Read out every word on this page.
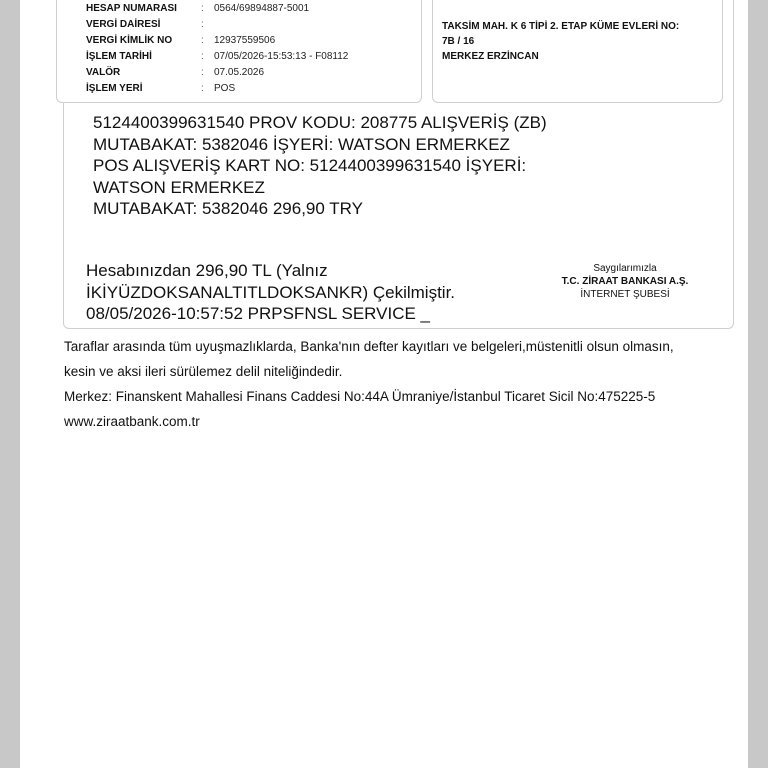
HESAP NUMARASI : 0564/69894887-5001
VERGİ DAİRESİ	:
VERGİ KİMLİK NO	: 12937559506
İŞLEM TARİHİ	: 07/05/2026-15:53:13 - F08112
VALÖR	: 07.05.2026
İŞLEM YERİ	: POS
TAKSİM MAH. K 6 TİPİ 2. ETAP KÜME EVLERİ NO:
7B / 16
MERKEZ ERZİNCAN
5124400399631540 PROV KODU: 208775 ALIŞVERİŞ (ZB)
MUTABAKAT: 5382046 İŞYERİ: WATSON ERMERKEZ
POS ALIŞVERİŞ KART NO: 5124400399631540 İŞYERİ:
WATSON ERMERKEZ
MUTABAKAT: 5382046 296,90 TRY
Hesabınızdan 296,90 TL (Yalnız
İKİYÜZDOKSANALTITLDOKSANKR) Çekilmiştir.
08/05/2026-10:57:52 PRPSFNSL SERVICE _
Saygılarımızla
T.C. ZİRAAT BANKASI A.Ş.
İNTERNET ŞUBESİ
Taraflar arasında tüm uyuşmazlıklarda, Banka'nın defter kayıtları ve belgeleri,müstenitli olsun olmasın,
kesin ve aksi ileri sürülemez delil niteliğindedir.
Merkez: Finanskent Mahallesi Finans Caddesi No:44A Ümraniye/İstanbul Ticaret Sicil No:475225-5
www.ziraatbank.com.tr
